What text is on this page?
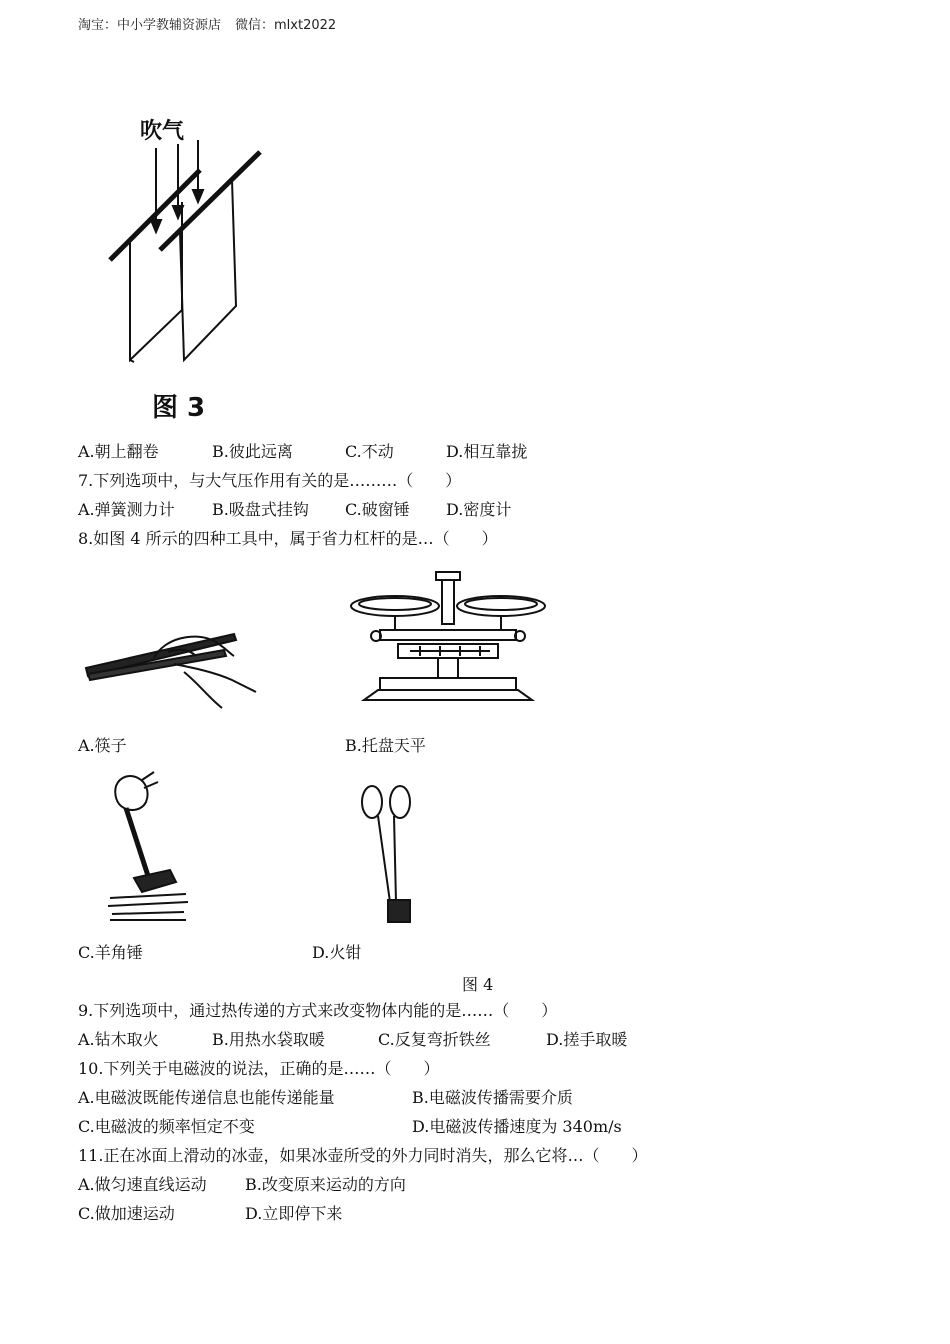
淘宝：中小学教辅资源店 微信：mlxt2022
吹气
图 3
A.朝上翻卷	B.彼此远离	C.不动	D.相互靠拢
7.下列选项中，与大气压作用有关的是………（　　）
A.弹簧测力计 B.吸盘式挂钩 C.破窗锤 D.密度计
8.如图 4 所示的四种工具中，属于省力杠杆的是…（　　）
A.筷子	B.托盘天平
C.羊角锤	D.火钳
图 4
9.下列选项中，通过热传递的方式来改变物体内能的是……（　　）
A.钻木取火	B.用热水袋取暖	C.反复弯折铁丝	D.搓手取暖
10.下列关于电磁波的说法，正确的是……（　　）
A.电磁波既能传递信息也能传递能量	B.电磁波传播需要介质
C.电磁波的频率恒定不变	D.电磁波传播速度为 340m/s
11.正在冰面上滑动的冰壶，如果冰壶所受的外力同时消失，那么它将…（　　）
A.做匀速直线运动 B.改变原来运动的方向
C.做加速运动	D.立即停下来
